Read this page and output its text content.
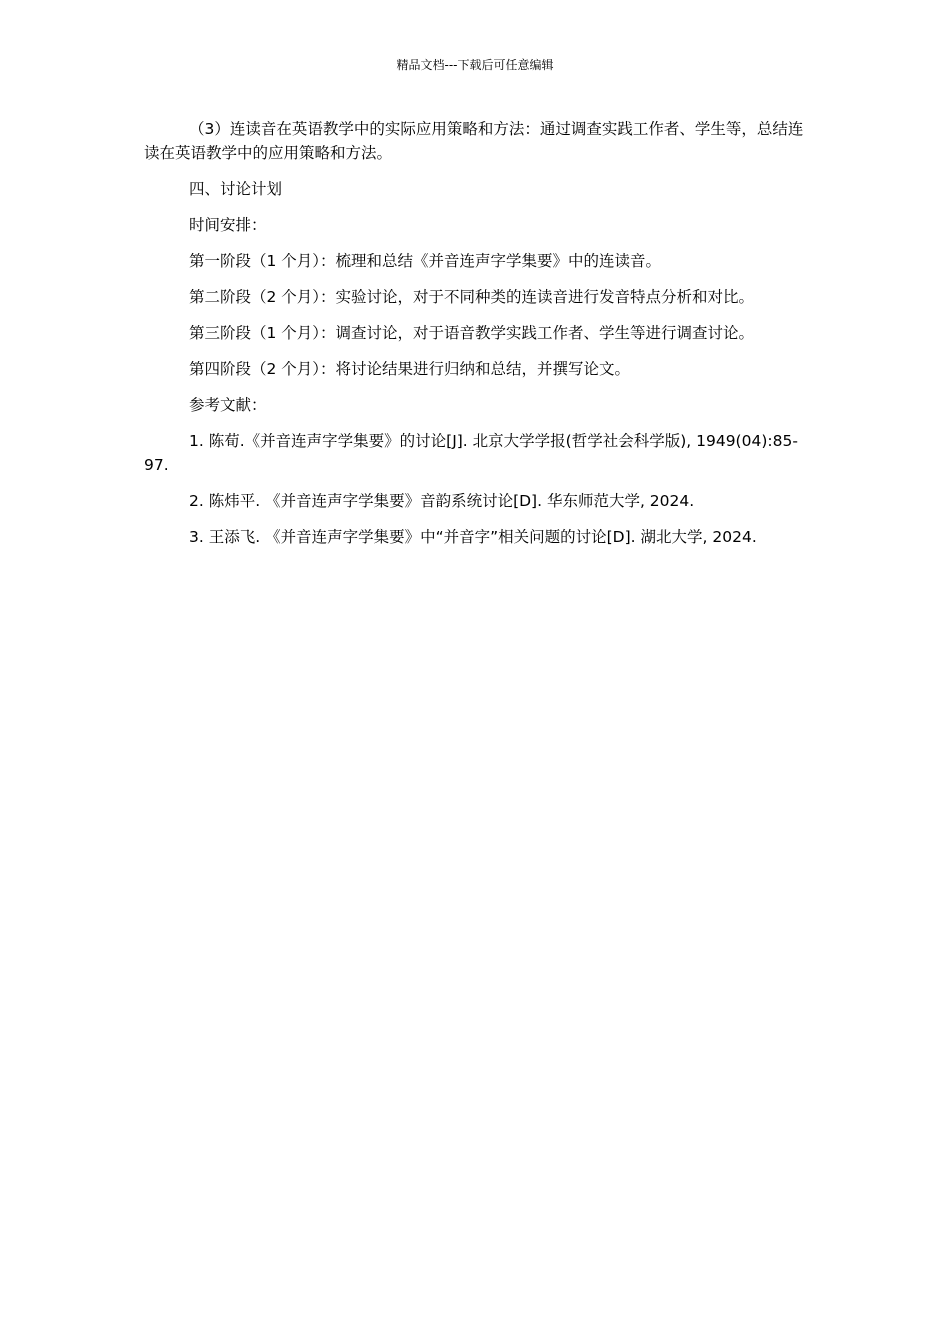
精品文档---下载后可任意编辑

（3）连读音在英语教学中的实际应用策略和方法：通过调查实践工作者、学生等，总结连读在英语教学中的应用策略和方法。

四、讨论计划

时间安排：

第一阶段（1 个月）：梳理和总结《并音连声字学集要》中的连读音。

第二阶段（2 个月）：实验讨论，对于不同种类的连读音进行发音特点分析和对比。

第三阶段（1 个月）：调查讨论，对于语音教学实践工作者、学生等进行调查讨论。

第四阶段（2 个月）：将讨论结果进行归纳和总结，并撰写论文。

参考文献：

1. 陈荀.《并音连声字学集要》的讨论[J]. 北京大学学报(哲学社会科学版), 1949(04):85-97.

2. 陈炜平. 《并音连声字学集要》音韵系统讨论[D]. 华东师范大学, 2024.

3. 王添飞. 《并音连声字学集要》中“并音字”相关问题的讨论[D]. 湖北大学, 2024.
